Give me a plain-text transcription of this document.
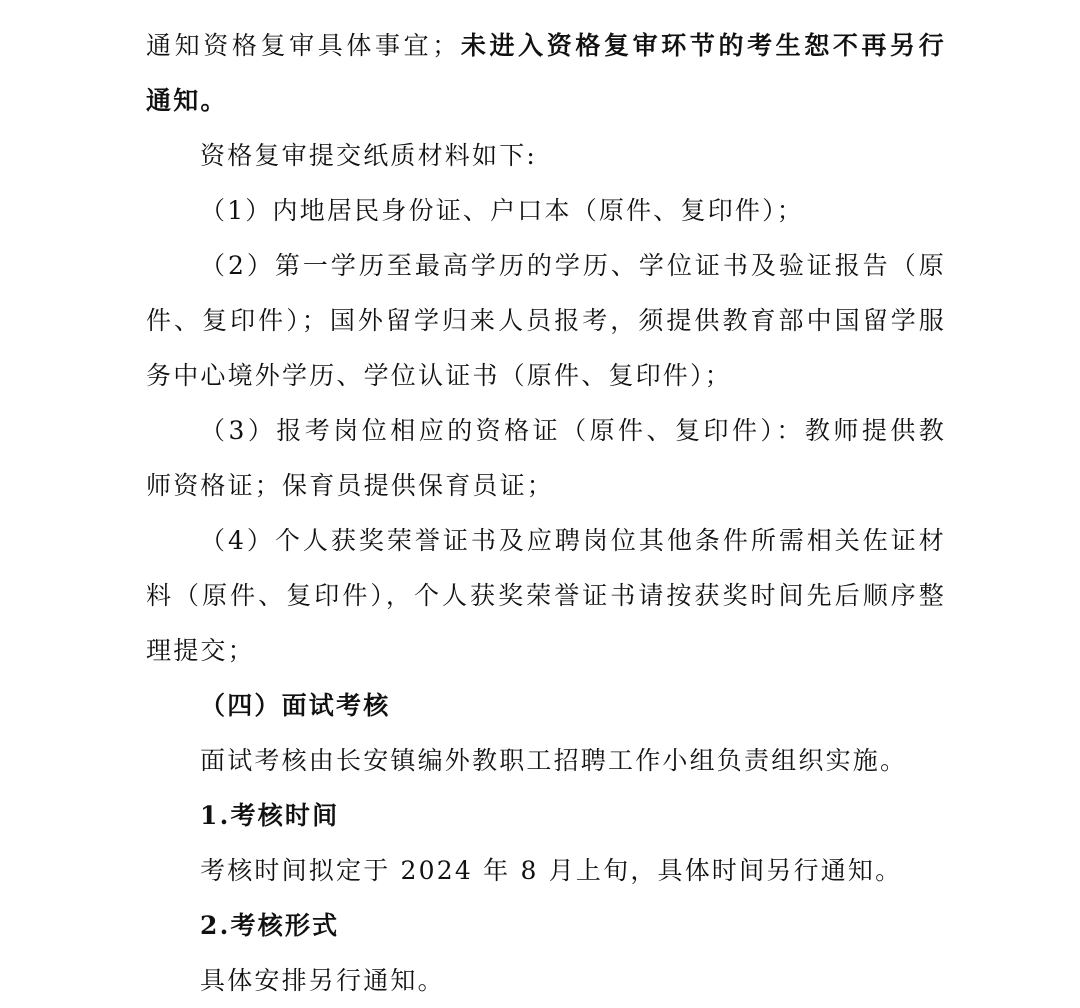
通知资格复审具体事宜；未进入资格复审环节的考生恕不再另行
通知。
资格复审提交纸质材料如下:
（1）内地居民身份证、户口本（原件、复印件）；
（2）第一学历至最高学历的学历、学位证书及验证报告（原
件、复印件）；国外留学归来人员报考，须提供教育部中国留学服
务中心境外学历、学位认证书（原件、复印件）；
（3）报考岗位相应的资格证（原件、复印件）：教师提供教
师资格证；保育员提供保育员证；
（4）个人获奖荣誉证书及应聘岗位其他条件所需相关佐证材
料（原件、复印件），个人获奖荣誉证书请按获奖时间先后顺序整
理提交；
（四）面试考核
面试考核由长安镇编外教职工招聘工作小组负责组织实施。
1.考核时间
考核时间拟定于 2024 年 8 月上旬，具体时间另行通知。
2.考核形式
具体安排另行通知。
